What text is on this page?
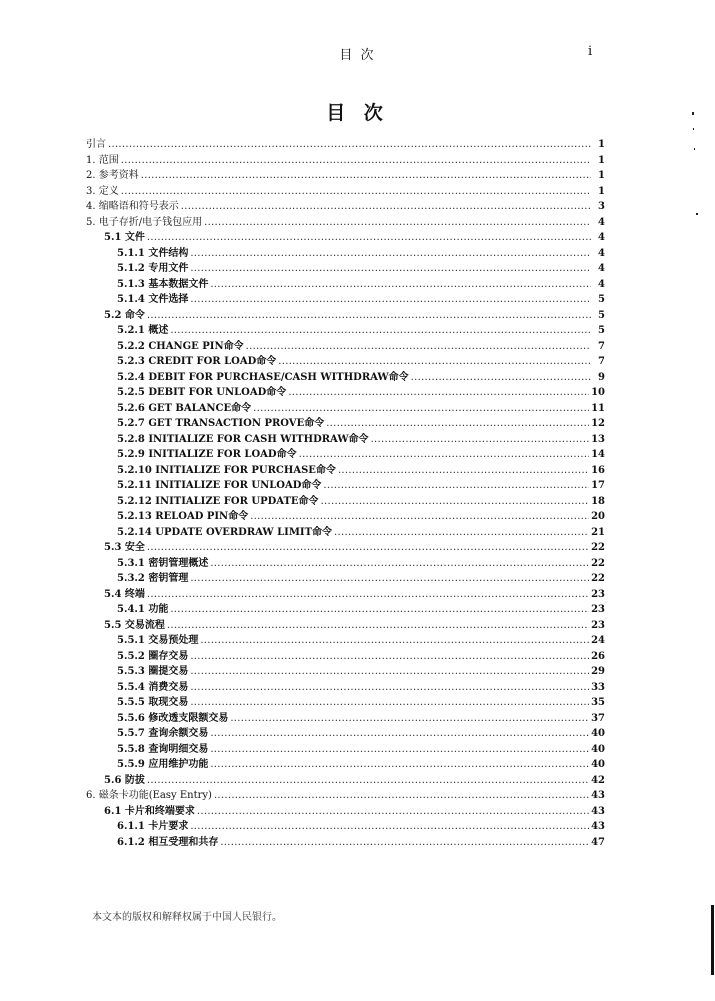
目 次	i
目 次
引言 .....	1
1. 范围 .....	1
2. 参考资料 .....	1
3. 定义 .....	1
4. 缩略语和符号表示 .....	3
5. 电子存折/电子钱包应用 .....	4
5.1 文件 .....	4
5.1.1 文件结构 .....	4
5.1.2 专用文件 .....	4
5.1.3 基本数据文件 .....	4
5.1.4 文件选择 .....	5
5.2 命令 .....	5
5.2.1 概述 .....	5
5.2.2 CHANGE PIN命令 .....	7
5.2.3 CREDIT FOR LOAD命令 .....	7
5.2.4 DEBIT FOR PURCHASE/CASH WITHDRAW命令 .....	9
5.2.5 DEBIT FOR UNLOAD命令 .....	10
5.2.6 GET BALANCE命令 .....	11
5.2.7 GET TRANSACTION PROVE命令 .....	12
5.2.8 INITIALIZE FOR CASH WITHDRAW命令 .....	13
5.2.9 INITIALIZE FOR LOAD命令 .....	14
5.2.10 INITIALIZE FOR PURCHASE命令 .....	16
5.2.11 INITIALIZE FOR UNLOAD命令 .....	17
5.2.12 INITIALIZE FOR UPDATE命令 .....	18
5.2.13 RELOAD PIN命令 .....	20
5.2.14 UPDATE OVERDRAW LIMIT命令 .....	21
5.3 安全 .....	22
5.3.1 密钥管理概述 .....	22
5.3.2 密钥管理 .....	22
5.4 终端 .....	23
5.4.1 功能 .....	23
5.5 交易流程 .....	23
5.5.1 交易预处理 .....	24
5.5.2 圈存交易 .....	26
5.5.3 圈提交易 .....	29
5.5.4 消费交易 .....	33
5.5.5 取现交易 .....	35
5.5.6 修改透支限额交易 .....	37
5.5.7 查询余额交易 .....	40
5.5.8 查询明细交易 .....	40
5.5.9 应用维护功能 .....	40
5.6 防拔 .....	42
6. 磁条卡功能(Easy Entry) .....	43
6.1 卡片和终端要求 .....	43
6.1.1 卡片要求 .....	43
6.1.2 相互受理和共存 .....	47
本文本的版权和解释权属于中国人民银行。
